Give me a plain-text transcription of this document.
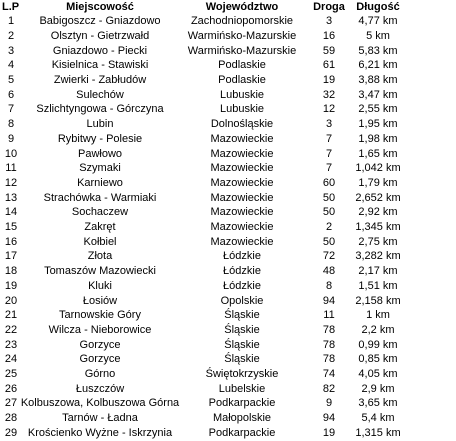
L.P	Miejscowość	Województwo	Droga	Długość
1	Babigoszcz - Gniazdowo	Zachodniopomorskie	3	4,77 km
2	Olsztyn - Gietrzwałd	Warmińsko-Mazurskie	16	5 km
3	Gniazdowo - Piecki	Warmińsko-Mazurskie	59	5,83 km
4	Kisielnica - Stawiski	Podlaskie	61	6,21 km
5	Zwierki - Zabłudów	Podlaskie	19	3,88 km
6	Sulechów	Lubuskie	32	3,47 km
7	Szlichtyngowa - Górczyna	Lubuskie	12	2,55 km
8	Lubin	Dolnośląskie	3	1,95 km
9	Rybitwy - Polesie	Mazowieckie	7	1,98 km
10	Pawłowo	Mazowieckie	7	1,65 km
11	Szymaki	Mazowieckie	7	1,042 km
12	Karniewo	Mazowieckie	60	1,79 km
13	Strachówka - Warmiaki	Mazowieckie	50	2,652 km
14	Sochaczew	Mazowieckie	50	2,92 km
15	Zakręt	Mazowieckie	2	1,345 km
16	Kołbiel	Mazowieckie	50	2,75 km
17	Złota	Łódzkie	72	3,282 km
18	Tomaszów Mazowiecki	Łódzkie	48	2,17 km
19	Kluki	Łódzkie	8	1,51 km
20	Łosiów	Opolskie	94	2,158 km
21	Tarnowskie Góry	Śląskie	11	1 km
22	Wilcza - Nieborowice	Śląskie	78	2,2 km
23	Gorzyce	Śląskie	78	0,99 km
24	Gorzyce	Śląskie	78	0,85 km
25	Górno	Świętokrzyskie	74	4,05 km
26	Łuszczów	Lubelskie	82	2,9 km
27 Kolbuszowa, Kolbuszowa Górna	Podkarpackie	9	3,65 km
28	Tarnów - Ładna	Małopolskie	94	5,4 km
29 Krościenko Wyżne - Iskrzynia	Podkarpackie	19	1,315 km
